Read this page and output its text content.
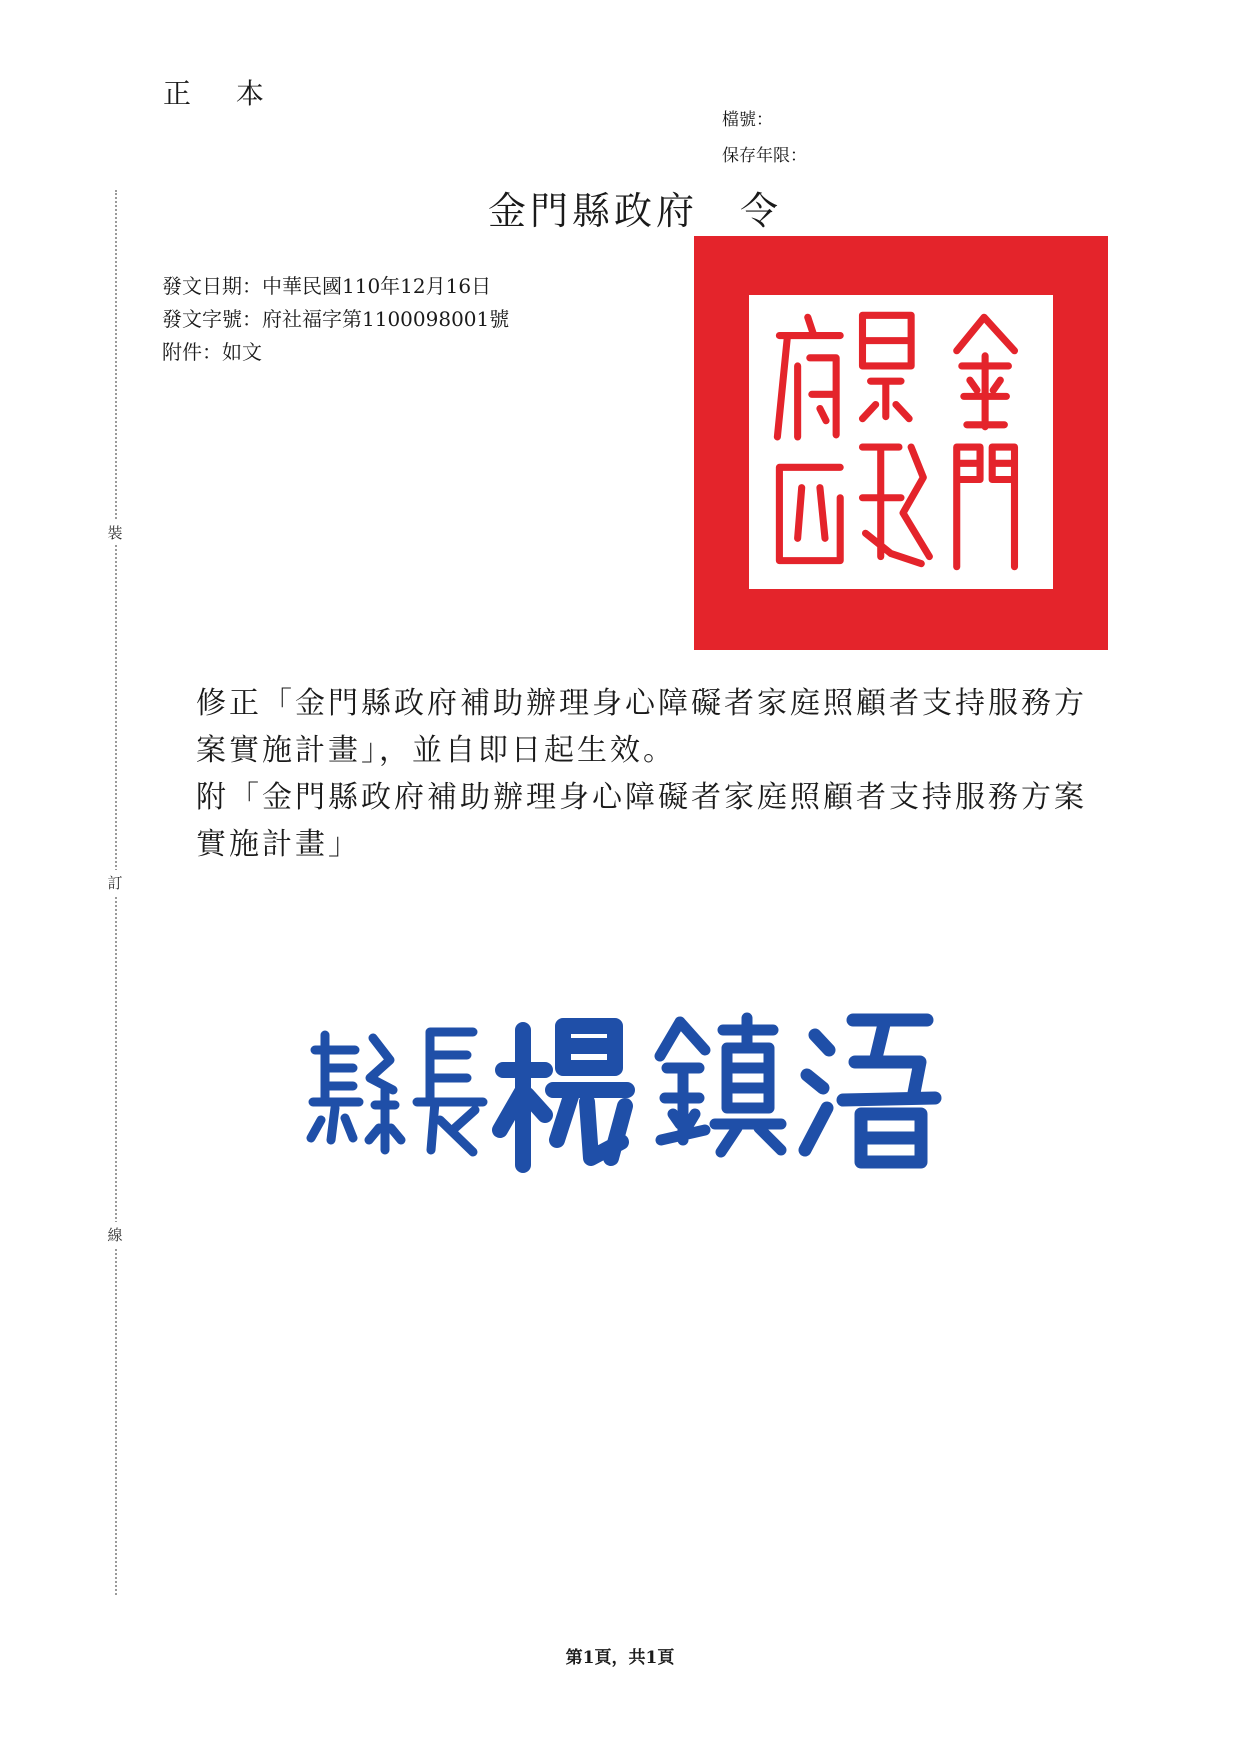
正 本
檔號：
保存年限：
裝
訂
線
金門縣政府 令
發文日期：中華民國110年12月16日
發文字號：府社福字第1100098001號
附件：如文

修正「金門縣政府補助辦理身心障礙者家庭照顧者支持服務方案實施計畫」，並自即日起生效。

附「金門縣政府補助辦理身心障礙者家庭照顧者支持服務方案實施計畫」

第1頁，共1頁
